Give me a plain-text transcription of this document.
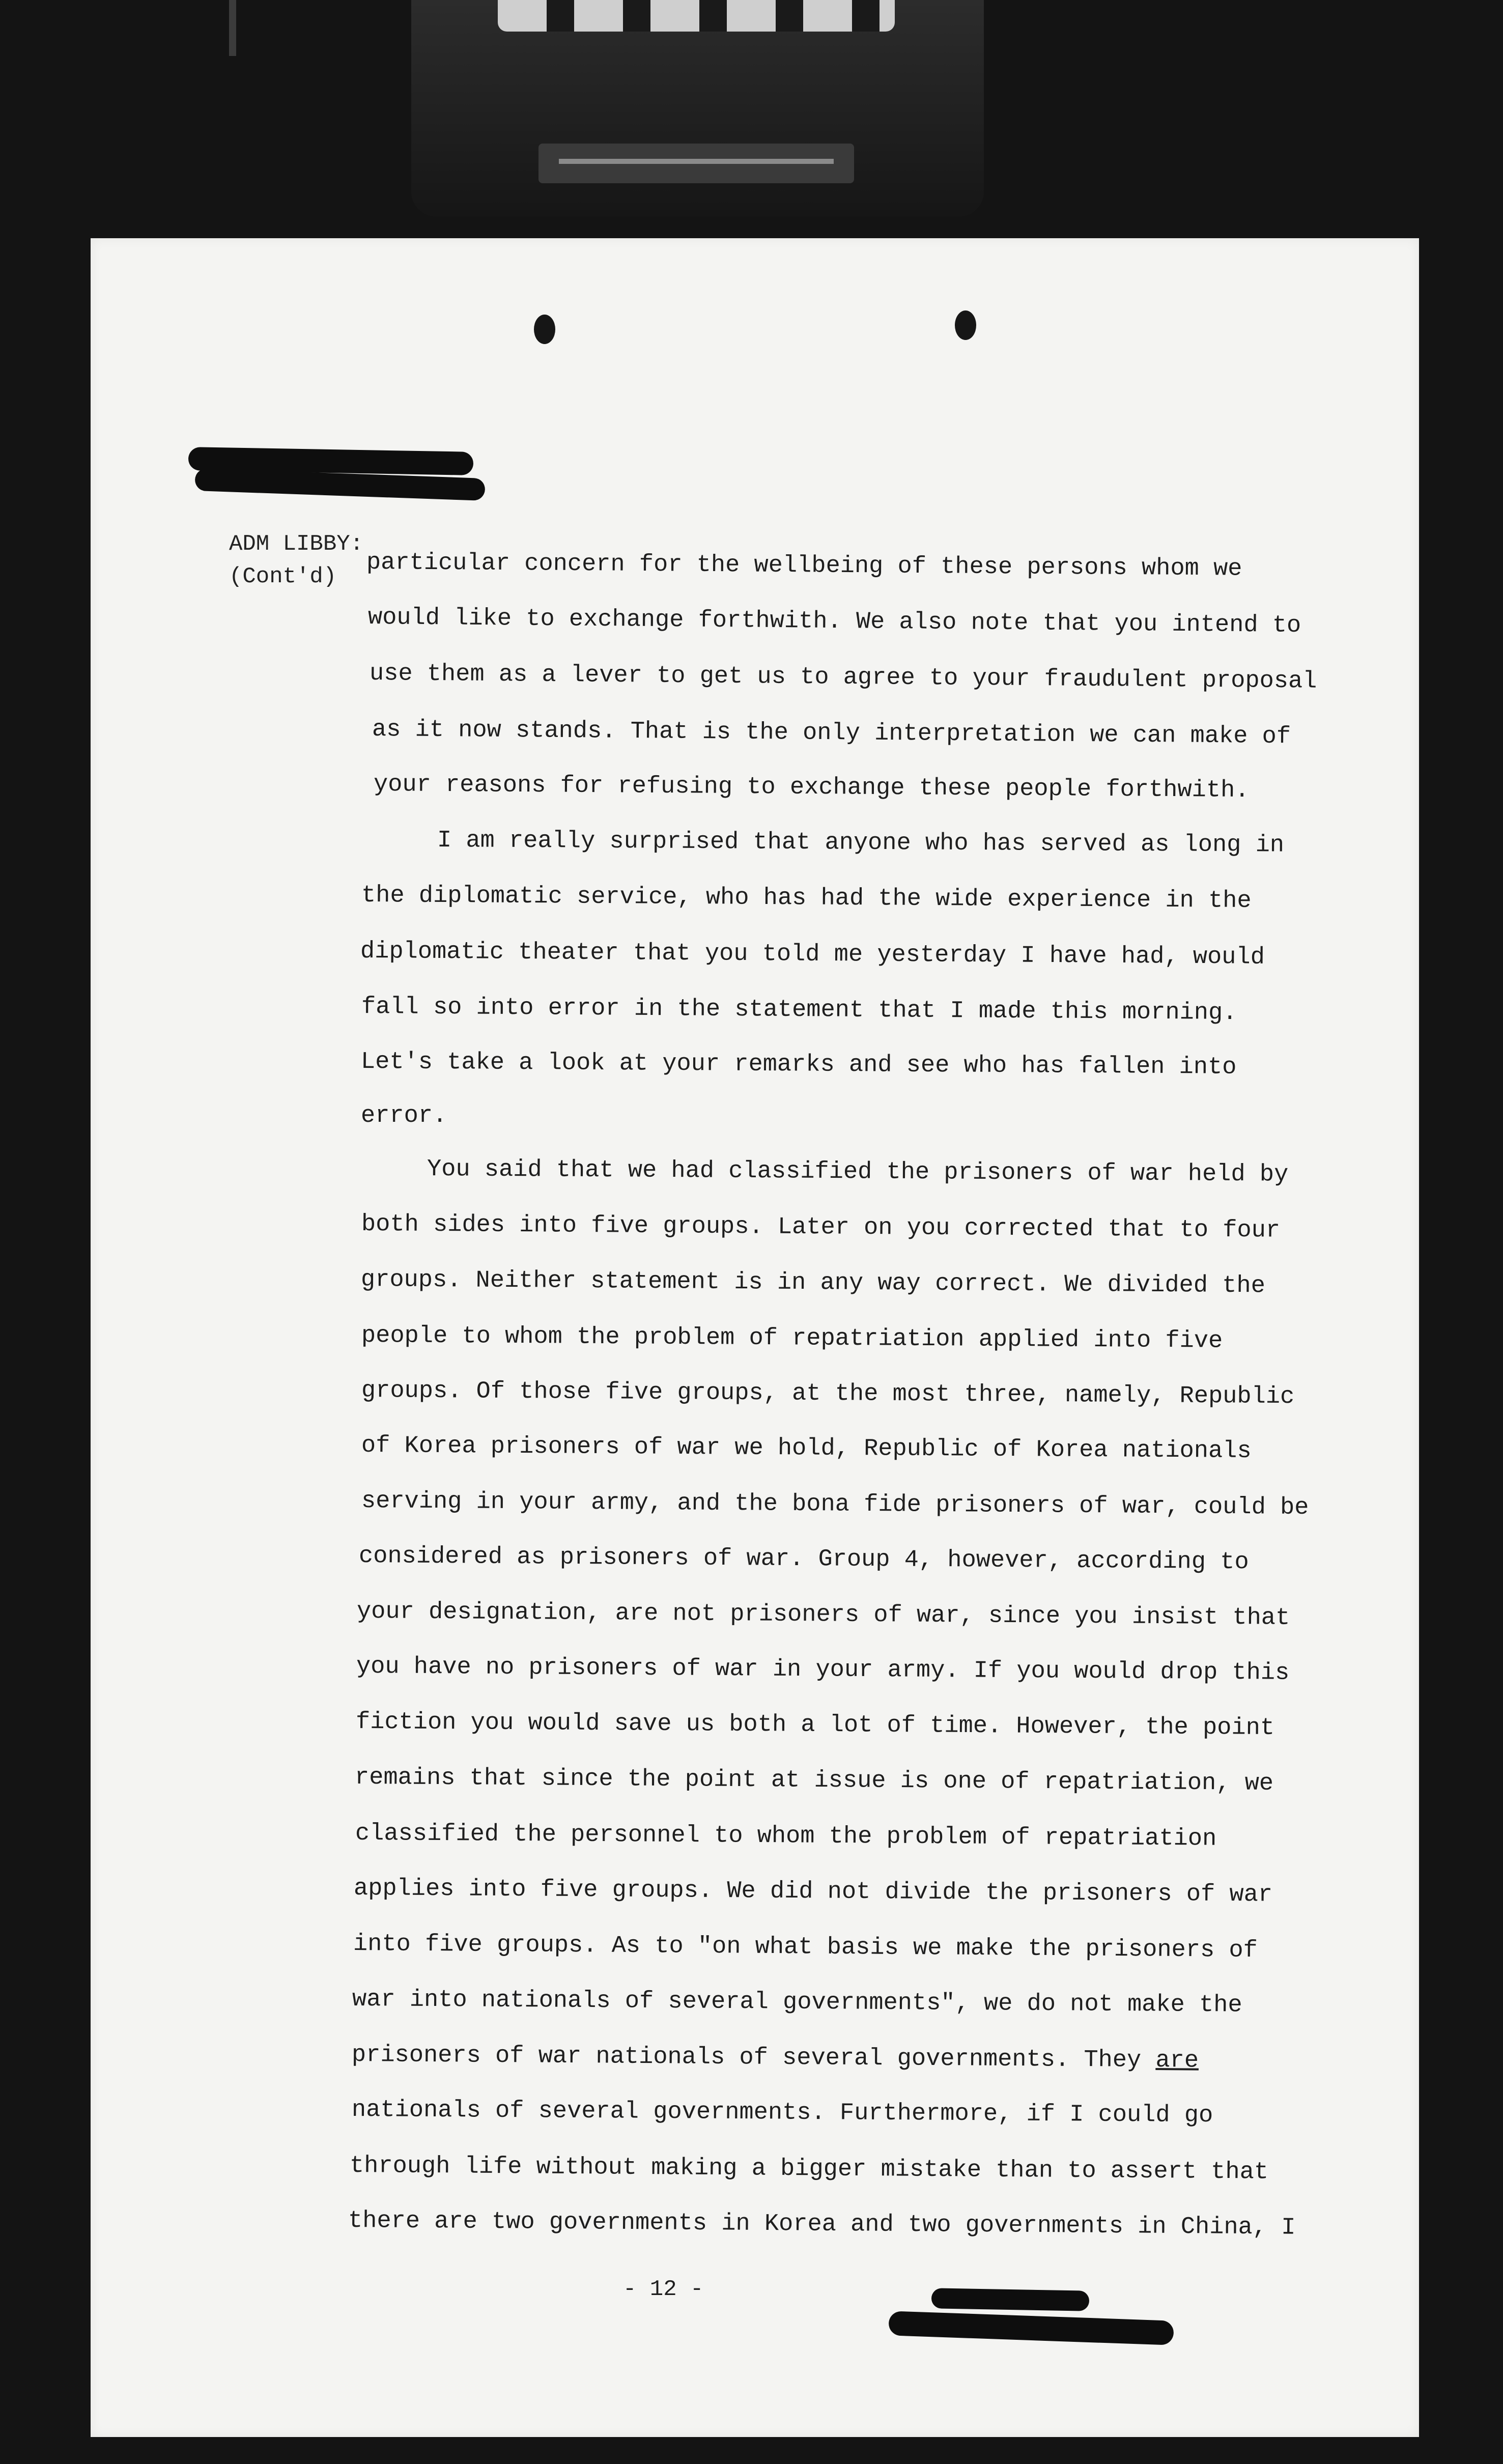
ADM LIBBY:
(Cont'd)	particular concern for the wellbeing of these persons whom we

would like to exchange forthwith. We also note that you intend to

use them as a lever to get us to agree to your fraudulent proposal

as it now stands. That is the only interpretation we can make of

your reasons for refusing to exchange these people forthwith.

I am really surprised that anyone who has served as long in

the diplomatic service, who has had the wide experience in the

diplomatic theater that you told me yesterday I have had, would

fall so into error in the statement that I made this morning.

Let's take a look at your remarks and see who has fallen into

error.

You said that we had classified the prisoners of war held by

both sides into five groups. Later on you corrected that to four

groups. Neither statement is in any way correct. We divided the

people to whom the problem of repatriation applied into five

groups. Of those five groups, at the most three, namely, Republic

of Korea prisoners of war we hold, Republic of Korea nationals

serving in your army, and the bona fide prisoners of war, could be

considered as prisoners of war. Group 4, however, according to

your designation, are not prisoners of war, since you insist that

you have no prisoners of war in your army. If you would drop this

fiction you would save us both a lot of time. However, the point

remains that since the point at issue is one of repatriation, we

classified the personnel to whom the problem of repatriation

applies into five groups. We did not divide the prisoners of war

into five groups. As to "on what basis we make the prisoners of

war into nationals of several governments", we do not make the

prisoners of war nationals of several governments. They are

nationals of several governments. Furthermore, if I could go

through life without making a bigger mistake than to assert that

there are two governments in Korea and two governments in China, I

- 12 -
